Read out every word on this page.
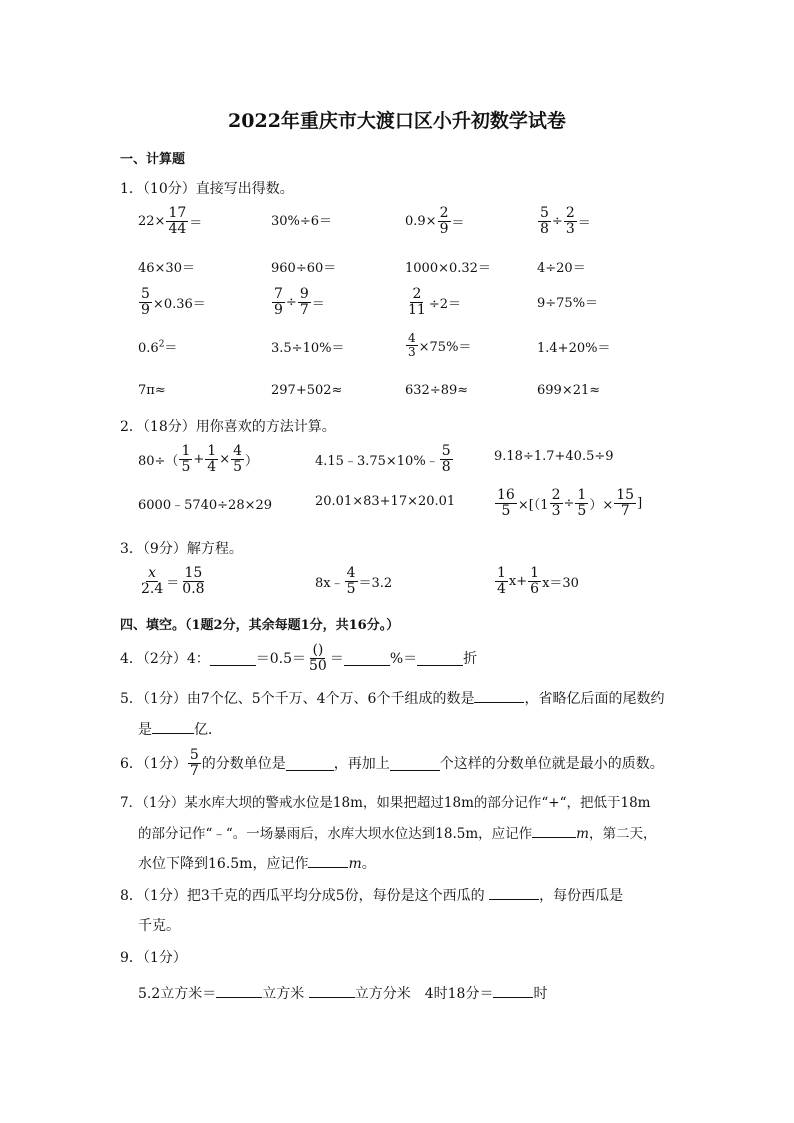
2022年重庆市大渡口区小升初数学试卷
一、计算题
1．（10分）直接写出得数。
$22\times \frac{17}{44}$ ＝	30%÷6＝	$0.9\times \frac{2}{9}$ ＝	$\frac{5}{8} \div \frac{2}{3}$ ＝
46×30＝	960÷60＝	1000×0.32＝	4÷20＝
$\frac{5}{9} \times 0.36=$	$\frac{7}{9} \div \frac{9}{7}$ ＝	$\frac{2}{11} \div 2=$	9÷75%＝
$0.6^2=$	3.5÷10%＝	$\frac{4}{3} \times 75\%=$	1.4+20%＝
7π≈	297+502≈	632÷89≈	699×21≈
2．（18分）用你喜欢的方法计算。
$80\div( \frac{1}{5} + \frac{1}{4} \times \frac{4}{5}$ ）	4.15﹣3.75×10%﹣ $\frac{5}{8}$	9.18÷1.7+40.5÷9
6000﹣5740÷28×29	20.01×83+17×20.01	$\frac{16}{5} \times[(1 \frac{2}{3} \div \frac{1}{5}$ ）× $\frac{15}{7}$ ]
3．（9分）解方程。
$\frac{x}{2.4} = \frac{15}{0.8}$	8x﹣ $\frac{4}{5} =3.2$	$\frac{1}{4} x+ \frac{1}{6} x=30$
四、填空。（1题2分，其余每题1分，共16分。）
4．（2分）4：	$=0.5= \frac{()}{50}$ ＝	%＝	折
5．（1分）由7个亿、5个千万、4个万、6个千组成的数是	，省略亿后面的尾数约
是	亿．
6．（1分） $\frac{5}{7}$ 的分数单位是	，再加上	个这样的分数单位就是最小的质数。
7．（1分）某水库大坝的警戒水位是18m，如果把超过18m的部分记作“+“，把低于18m
的部分记作“﹣“。一场暴雨后，水库大坝水位达到18.5m，应记作	m，第二天，
水位下降到16.5m，应记作	m。
8．（1分）把3千克的西瓜平均分成5份，每份是这个西瓜的	，每份西瓜是
千克。
9．（1分）
5.2立方米＝	立方米	立方分米　4时18分＝	时
